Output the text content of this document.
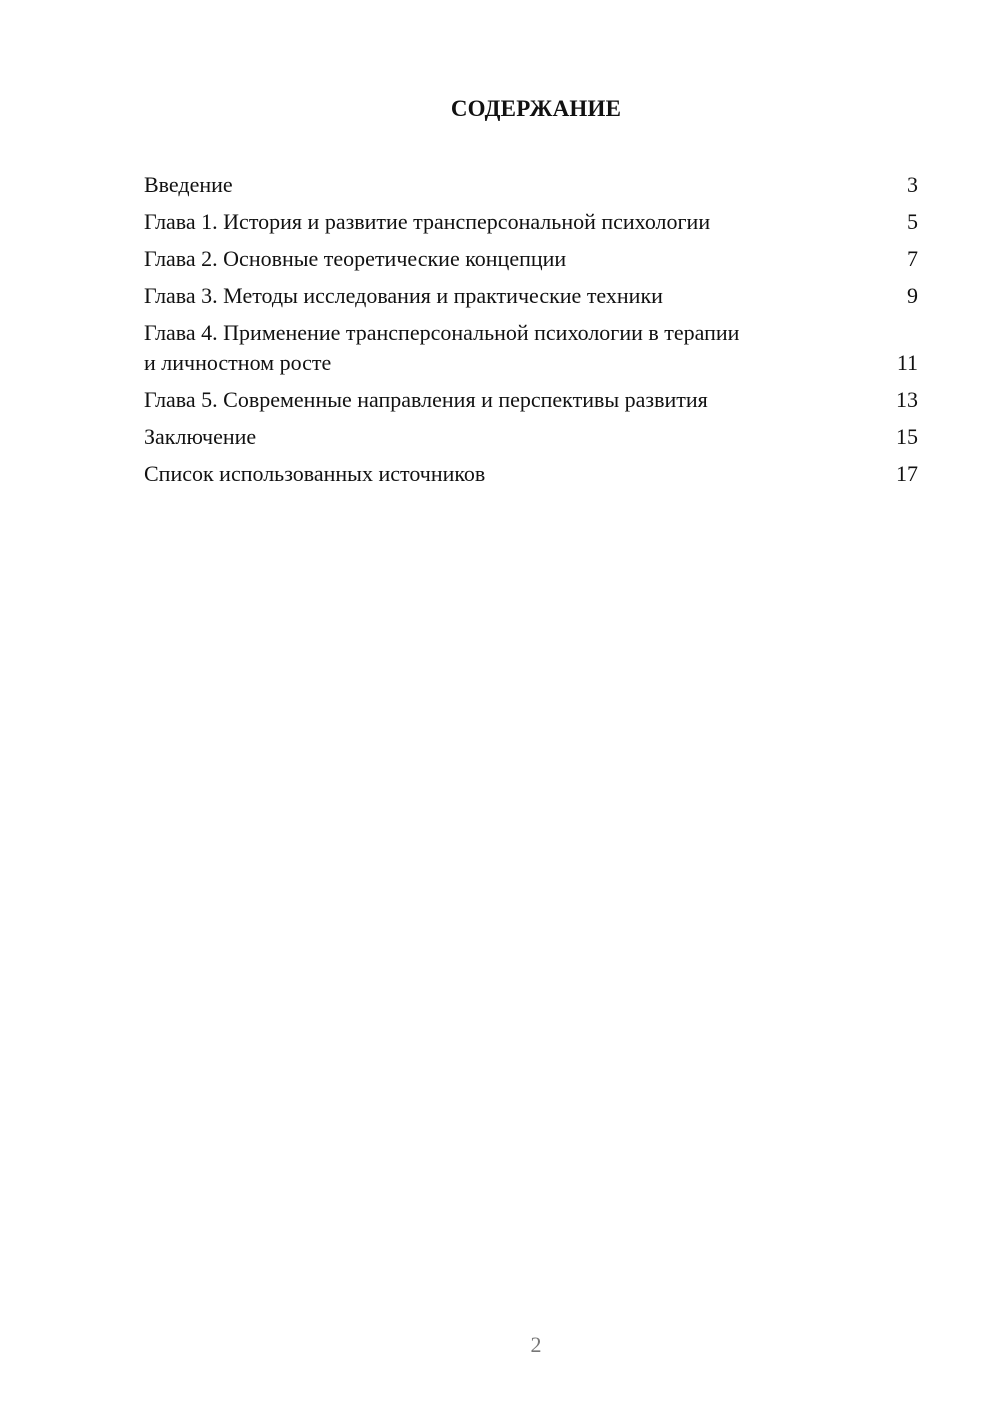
СОДЕРЖАНИЕ
Введение	3
Глава 1. История и развитие трансперсональной психологии	5
Глава 2. Основные теоретические концепции	7
Глава 3. Методы исследования и практические техники	9
Глава 4. Применение трансперсональной психологии в терапии
и личностном росте	11
Глава 5. Современные направления и перспективы развития	13
Заключение	15
Список использованных источников	17
2
